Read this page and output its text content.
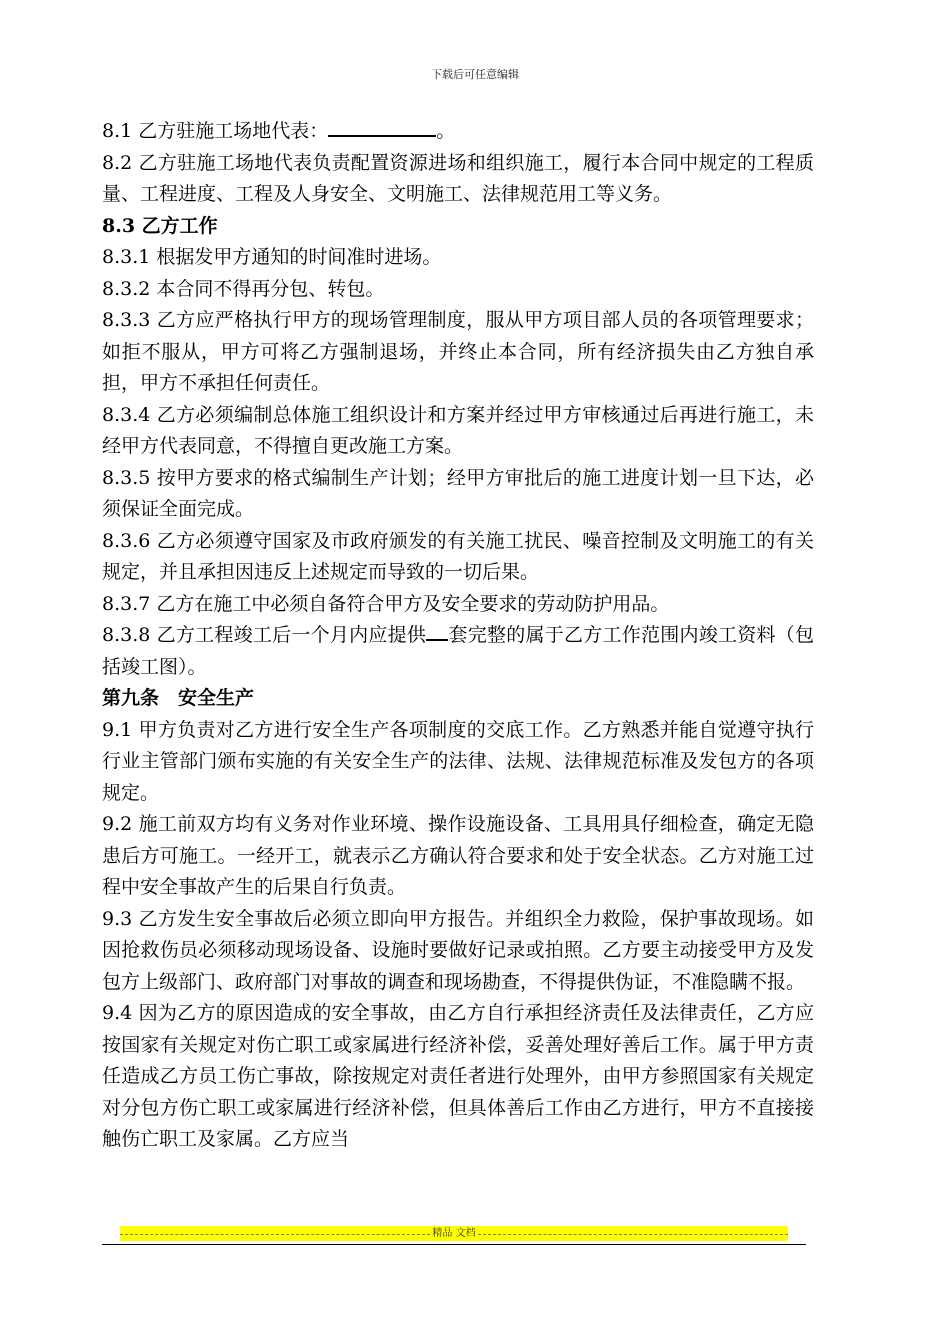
下载后可任意编辑

8.1 乙方驻施工场地代表：	。

8.2 乙方驻施工场地代表负责配置资源进场和组织施工，履行本合同中规定的工程质量、工程进度、工程及人身安全、文明施工、法律规范用工等义务。

8.3 乙方工作

8.3.1 根据发甲方通知的时间准时进场。

8.3.2 本合同不得再分包、转包。

8.3.3 乙方应严格执行甲方的现场管理制度，服从甲方项目部人员的各项管理要求；如拒不服从，甲方可将乙方强制退场，并终止本合同，所有经济损失由乙方独自承担，甲方不承担任何责任。

8.3.4 乙方必须编制总体施工组织设计和方案并经过甲方审核通过后再进行施工，未经甲方代表同意，不得擅自更改施工方案。

8.3.5 按甲方要求的格式编制生产计划；经甲方审批后的施工进度计划一旦下达，必须保证全面完成。

8.3.6 乙方必须遵守国家及市政府颁发的有关施工扰民、噪音控制及文明施工的有关规定，并且承担因违反上述规定而导致的一切后果。

8.3.7 乙方在施工中必须自备符合甲方及安全要求的劳动防护用品。

8.3.8 乙方工程竣工后一个月内应提供 套完整的属于乙方工作范围内竣工资料（包括竣工图）。

第九条　安全生产

9.1 甲方负责对乙方进行安全生产各项制度的交底工作。乙方熟悉并能自觉遵守执行行业主管部门颁布实施的有关安全生产的法律、法规、法律规范标准及发包方的各项规定。

9.2 施工前双方均有义务对作业环境、操作设施设备、工具用具仔细检查，确定无隐患后方可施工。一经开工，就表示乙方确认符合要求和处于安全状态。乙方对施工过程中安全事故产生的后果自行负责。

9.3 乙方发生安全事故后必须立即向甲方报告。并组织全力救险，保护事故现场。如因抢救伤员必须移动现场设备、设施时要做好记录或拍照。乙方要主动接受甲方及发包方上级部门、政府部门对事故的调查和现场勘查，不得提供伪证，不准隐瞒不报。

9.4 因为乙方的原因造成的安全事故，由乙方自行承担经济责任及法律责任，乙方应按国家有关规定对伤亡职工或家属进行经济补偿，妥善处理好善后工作。属于甲方责任造成乙方员工伤亡事故，除按规定对责任者进行处理外，由甲方参照国家有关规定对分包方伤亡职工或家属进行经济补偿，但具体善后工作由乙方进行，甲方不直接接触伤亡职工及家属。乙方应当

精品 文档
